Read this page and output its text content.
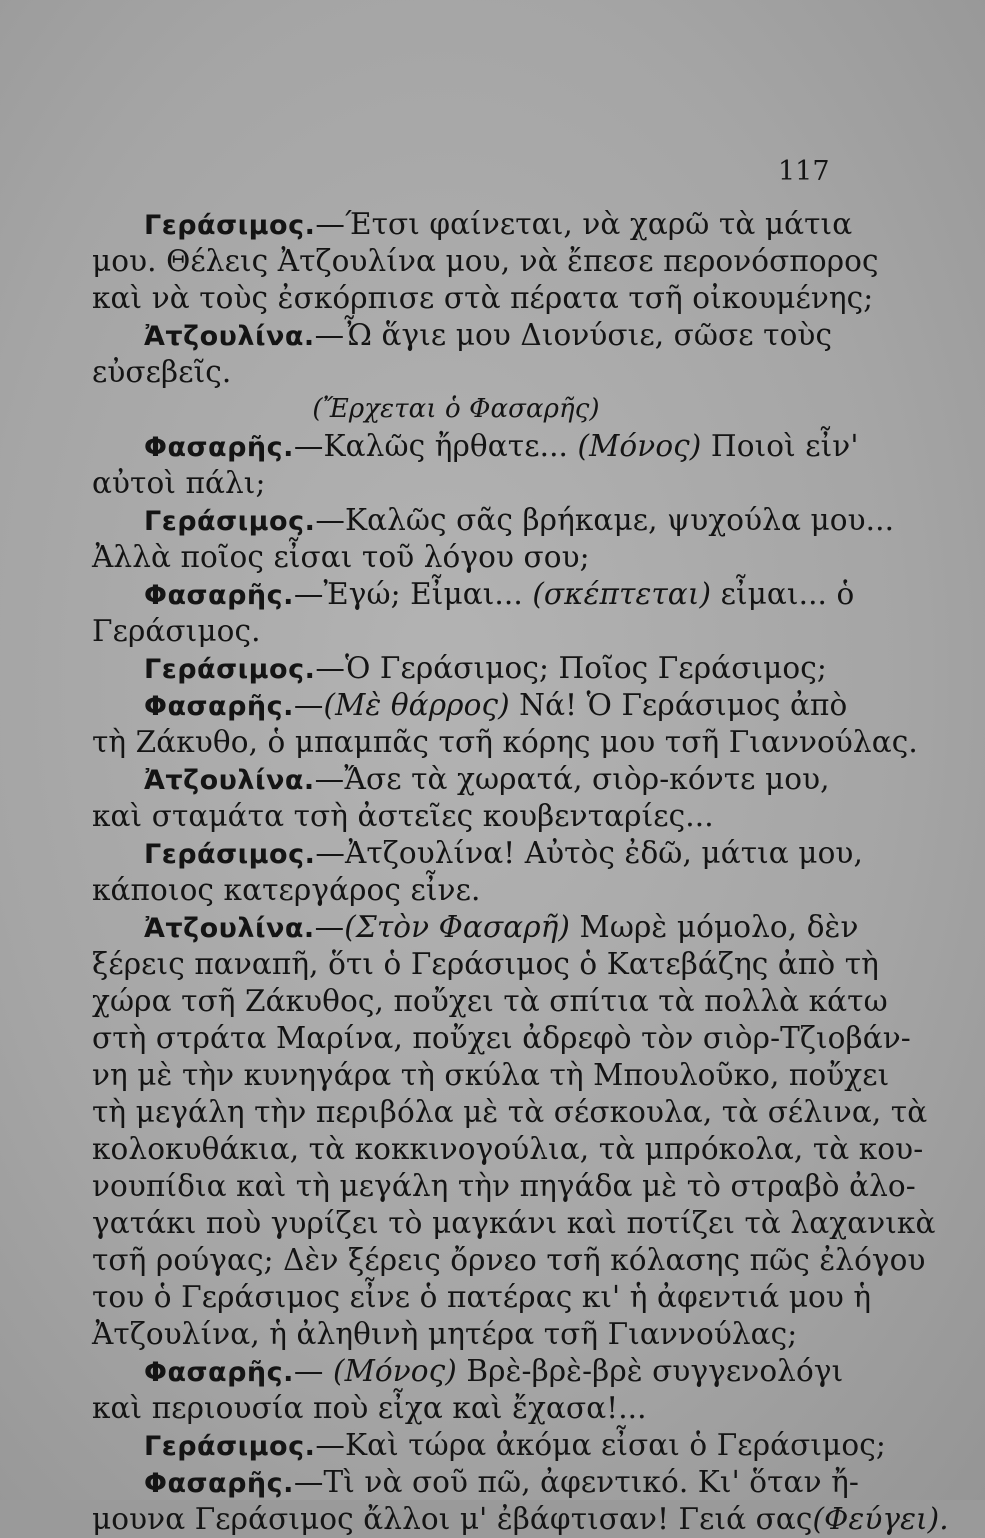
117
Γεράσιμος.—Έτσι φαίνεται, νὰ χαρῶ τὰ μάτια
μου. Θέλεις Ἀτζουλίνα μου, νὰ ἔπεσε περονόσπορος
καὶ νὰ τοὺς ἐσκόρπισε στὰ πέρατα τσῆ οἰκουμένης;
Ἀτζουλίνα.—Ὦ ἅγιε μου Διονύσιε, σῶσε τοὺς
εὐσεβεῖς.
(Ἔρχεται ὁ Φασαρῆς)
Φασαρῆς.—Καλῶς ἤρθατε... (Μόνος) Ποιοὶ εἶν'
αὐτοὶ πάλι;
Γεράσιμος.—Καλῶς σᾶς βρήκαμε, ψυχούλα μου...
Ἀλλὰ ποῖος εἶσαι τοῦ λόγου σου;
Φασαρῆς.—Ἐγώ; Εἶμαι... (σκέπτεται) εἶμαι... ὁ
Γεράσιμος.
Γεράσιμος.—Ὁ Γεράσιμος; Ποῖος Γεράσιμος;
Φασαρῆς.—(Μὲ θάρρος) Νά! Ὁ Γεράσιμος ἀπὸ
τὴ Ζάκυθο, ὁ μπαμπᾶς τσῆ κόρης μου τσῆ Γιαννούλας.
Ἀτζουλίνα.—Ἄσε τὰ χωρατά, σιὸρ-κόντε μου,
καὶ σταμάτα τσὴ ἀστεῖες κουβενταρίες...
Γεράσιμος.—Ἀτζουλίνα! Αὐτὸς ἐδῶ, μάτια μου,
κάποιος κατεργάρος εἶνε.
Ἀτζουλίνα.—(Στὸν Φασαρῆ) Μωρὲ μόμολο, δὲν
ξέρεις παναπῆ, ὅτι ὁ Γεράσιμος ὁ Κατεβάζης ἀπὸ τὴ
χώρα τσῆ Ζάκυθος, ποὔχει τὰ σπίτια τὰ πολλὰ κάτω
στὴ στράτα Μαρίνα, ποὔχει ἀδρεφὸ τὸν σιὸρ-Τζιοβάν-
νη μὲ τὴν κυνηγάρα τὴ σκύλα τὴ Μπουλοῦκο, ποὔχει
τὴ μεγάλη τὴν περιβόλα μὲ τὰ σέσκουλα, τὰ σέλινα, τὰ
κολοκυθάκια, τὰ κοκκινογούλια, τὰ μπρόκολα, τὰ κου-
νουπίδια καὶ τὴ μεγάλη τὴν πηγάδα μὲ τὸ στραβὸ ἀλο-
γατάκι ποὺ γυρίζει τὸ μαγκάνι καὶ ποτίζει τὰ λαχανικὰ
τσῆ ρούγας; Δὲν ξέρεις ὄρνεο τσῆ κόλασης πῶς ἐλόγου
του ὁ Γεράσιμος εἶνε ὁ πατέρας κι' ἡ ἀφεντιά μου ἡ
Ἀτζουλίνα, ἡ ἀληθινὴ μητέρα τσῆ Γιαννούλας;
Φασαρῆς.— (Μόνος) Βρὲ-βρὲ-βρὲ συγγενολόγι
καὶ περιουσία ποὺ εἶχα καὶ ἔχασα!...
Γεράσιμος.—Καὶ τώρα ἀκόμα εἶσαι ὁ Γεράσιμος;
Φασαρῆς.—Τὶ νὰ σοῦ πῶ, ἀφεντικό. Κι' ὅταν ἤ-
μουνα Γεράσιμος ἄλλοι μ' ἐβάφτισαν! Γειά σας(Φεύγει).
